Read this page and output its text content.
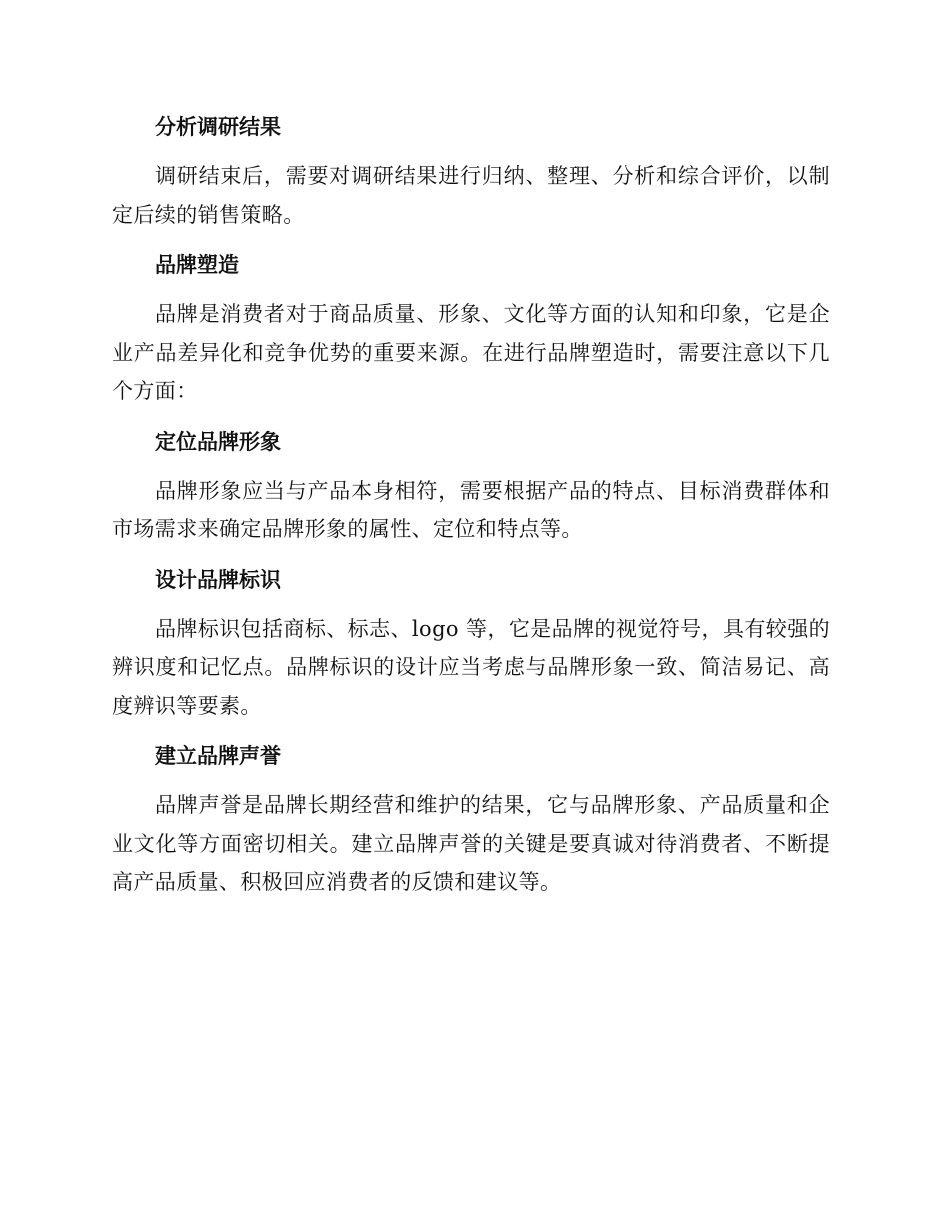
分析调研结果

调研结束后，需要对调研结果进行归纳、整理、分析和综合评价，以制定后续的销售策略。

品牌塑造

品牌是消费者对于商品质量、形象、文化等方面的认知和印象，它是企业产品差异化和竞争优势的重要来源。在进行品牌塑造时，需要注意以下几个方面：

定位品牌形象

品牌形象应当与产品本身相符，需要根据产品的特点、目标消费群体和市场需求来确定品牌形象的属性、定位和特点等。

设计品牌标识

品牌标识包括商标、标志、logo 等，它是品牌的视觉符号，具有较强的辨识度和记忆点。品牌标识的设计应当考虑与品牌形象一致、简洁易记、高度辨识等要素。

建立品牌声誉

品牌声誉是品牌长期经营和维护的结果，它与品牌形象、产品质量和企业文化等方面密切相关。建立品牌声誉的关键是要真诚对待消费者、不断提高产品质量、积极回应消费者的反馈和建议等。
